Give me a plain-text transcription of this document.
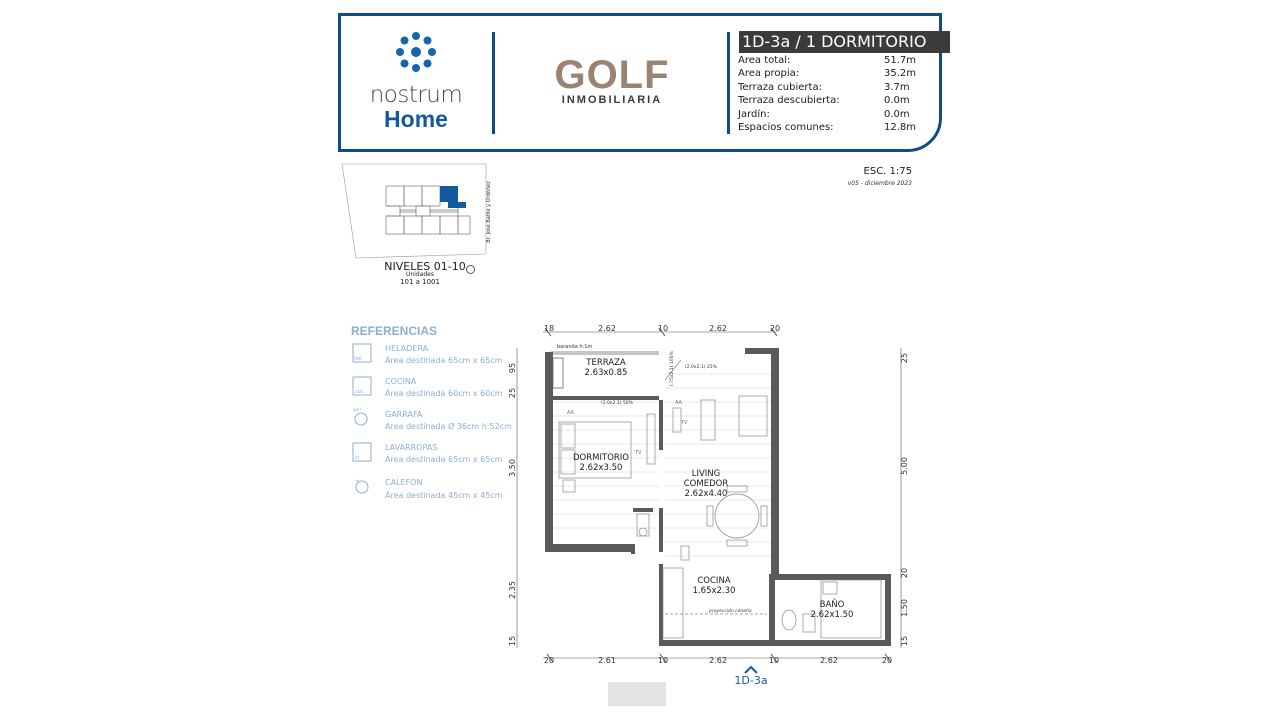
nostrum
Home
GOLF
INMOBILIARIA
1D-3a / 1 DORMITORIO
Area total:	51.7m
Area propia:	35.2m
Terraza cubierta:	3.7m
Terraza descubierta:	0.0m
Jardín:	0.0m
Espacios comunes:	12.8m
ESC. 1:75
v05 - diciembre 2023
Br. José Batlle y Ordóñez
NIVELES 01-10
Unidades
101 a 1001
REFERENCIAS
hel
HELADERA
Área destinada 65cm x 65cm
coc
COCINA
Área destinada 60cm x 60cm
garr
GARRAFA
Área destinada Ø 36cm h:52cm
lv
LAVARROPAS
Área destinada 65cm x 65cm
CALEFÓN
Área destinada 45cm x 45cm
18	2.62	10	2.62	20
20	2.61	10	2.62	10	2.62	20
95
25
3.50
2.35
15
25
5.00
20
1.50
15
baranda h:1m
AA
TV
AA
TV
(2.0x2.1) 50%
(2.0x2.1) 25%
(.75x2.1) 100%
proyección ceneña
TERRAZA
2.63x0.85
DORMITORIO
2.62x3.50
LIVING
COMEDOR
2.62x4.40
COCINA
1.65x2.30
BAÑO
2.62x1.50
1D-3a
